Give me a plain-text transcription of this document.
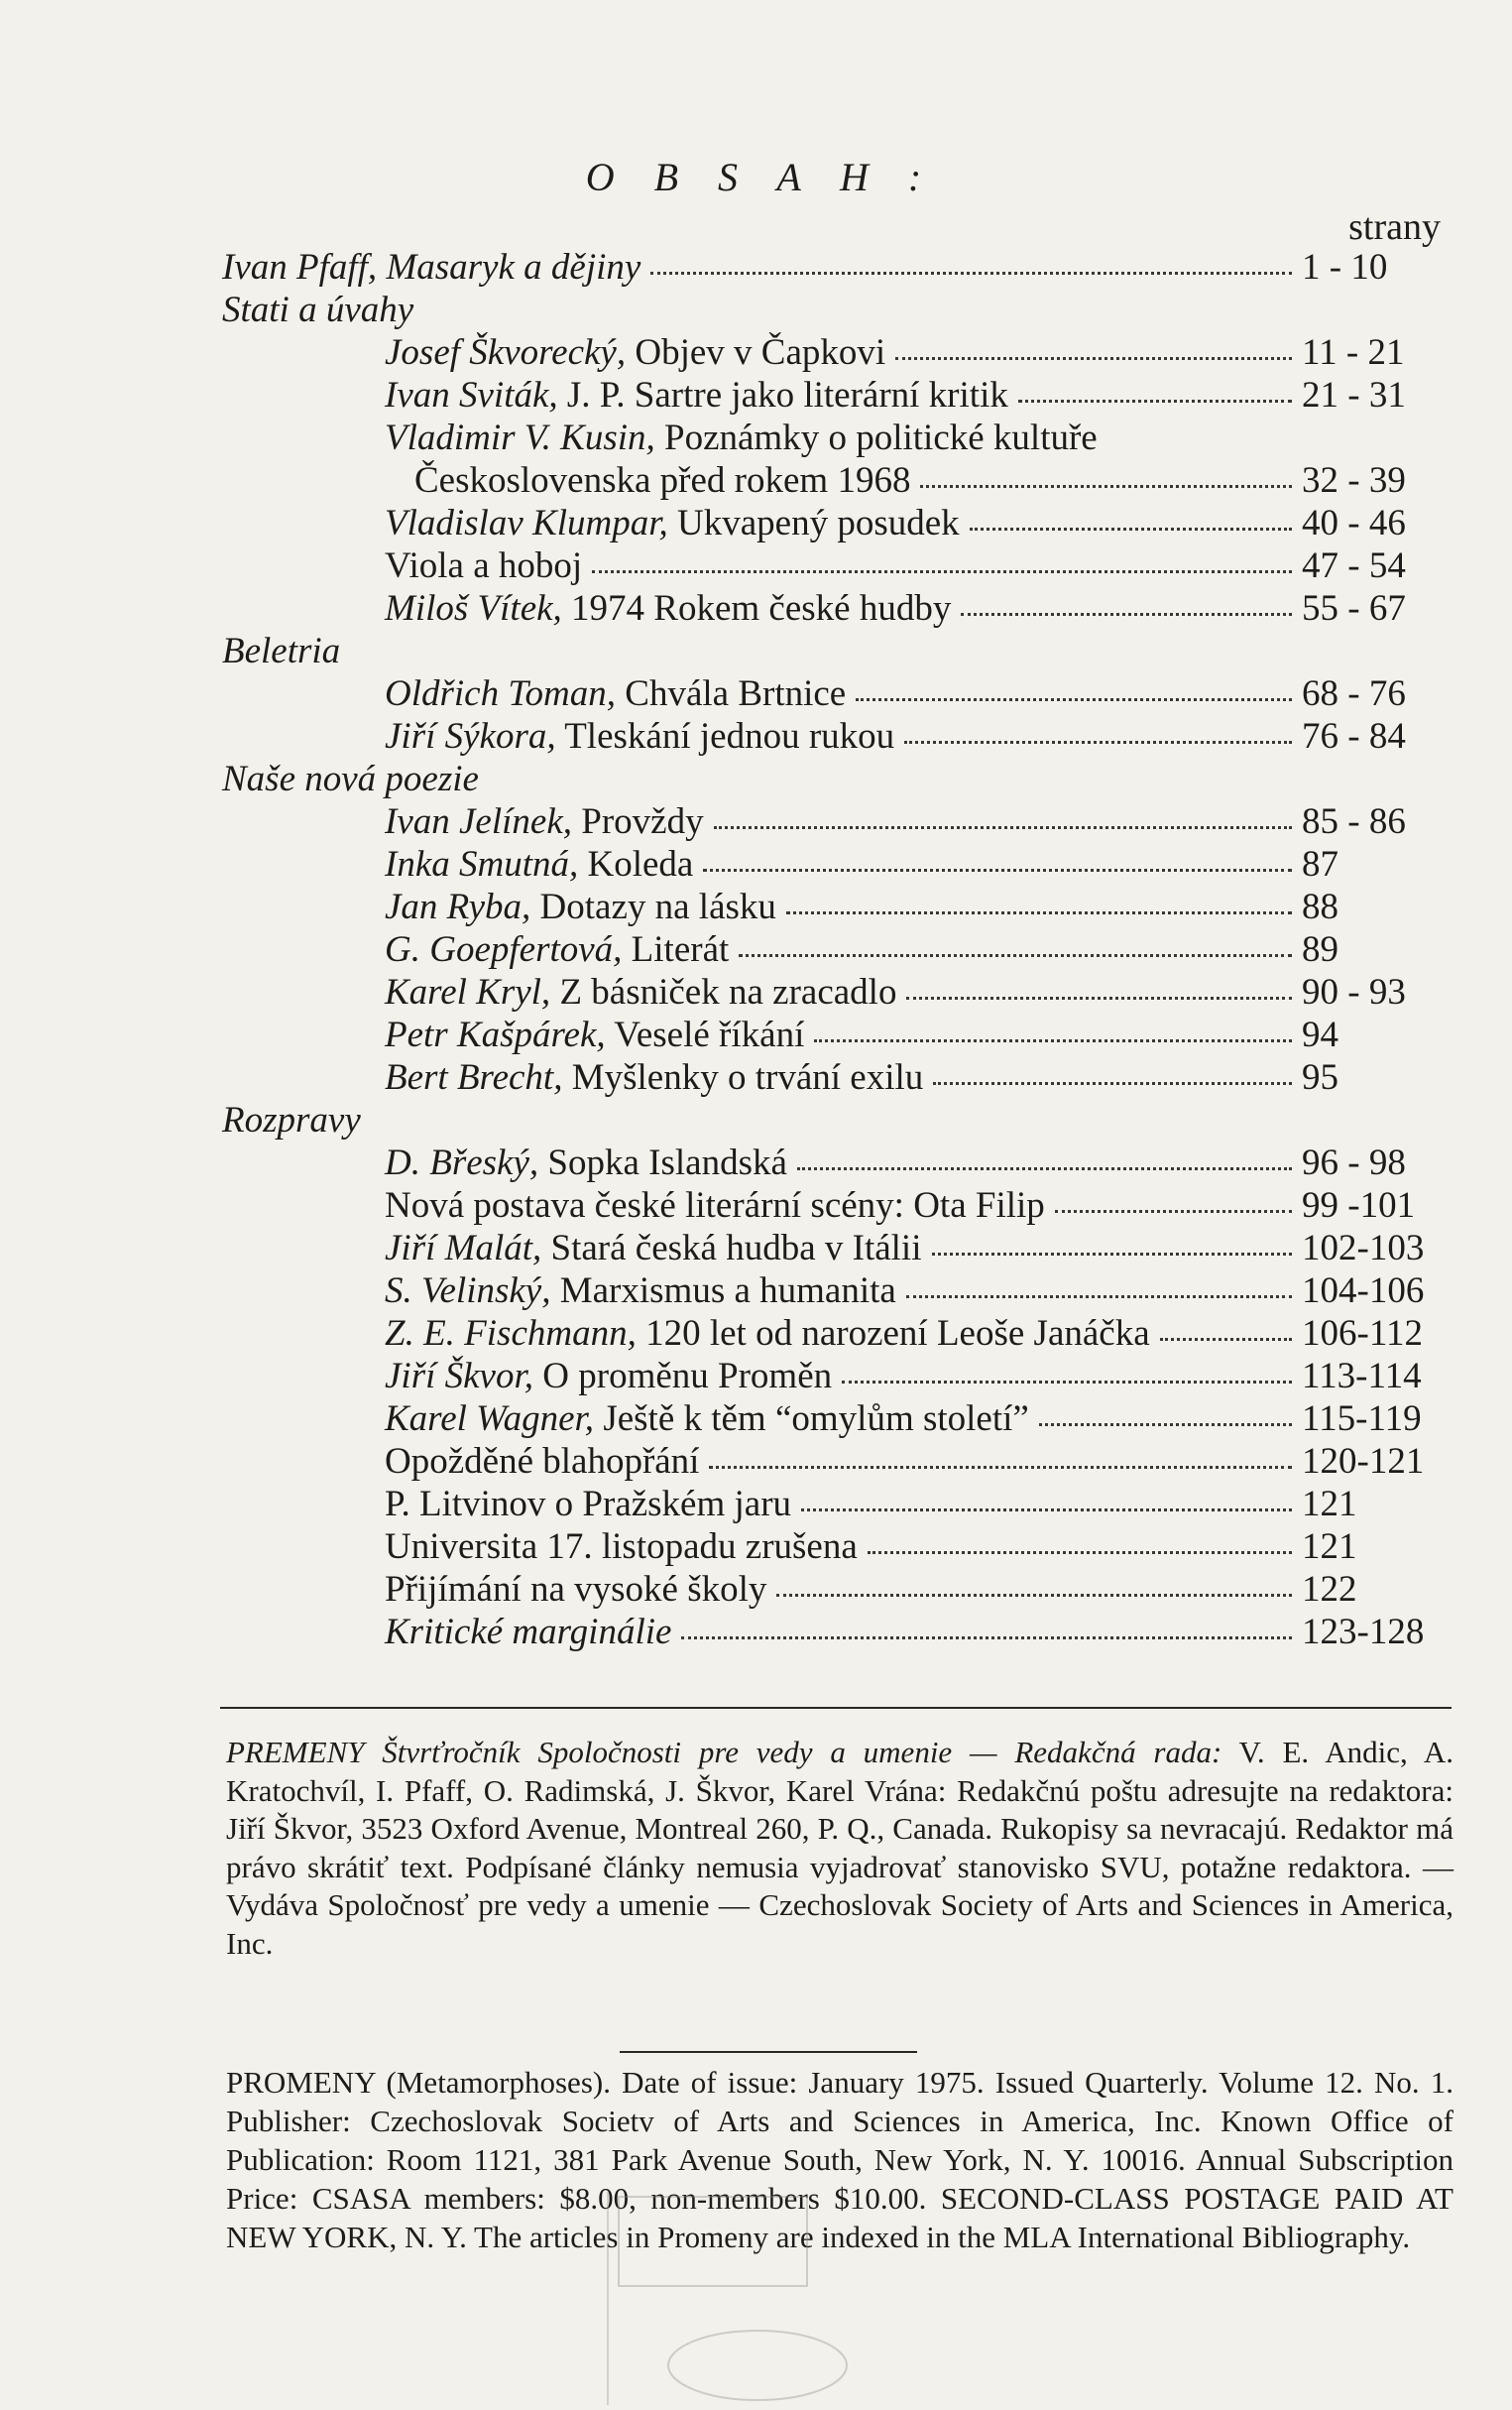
O B S A H :
strany
Ivan Pfaff, Masaryk a dějiny	1 - 10
Stati a úvahy
Josef Škvorecký, Objev v Čapkovi	11 - 21
Ivan Sviták, J. P. Sartre jako literární kritik	21 - 31
Vladimir V. Kusin, Poznámky o politické kultuře
Československa před rokem 1968	32 - 39
Vladislav Klumpar, Ukvapený posudek	40 - 46
Viola a hoboj	47 - 54
Miloš Vítek, 1974 Rokem české hudby	55 - 67
Beletria
Oldřich Toman, Chvála Brtnice	68 - 76
Jiří Sýkora, Tleskání jednou rukou	76 - 84
Naše nová poezie
Ivan Jelínek, Provždy	85 - 86
Inka Smutná, Koleda	87
Jan Ryba, Dotazy na lásku	88
G. Goepfertová, Literát	89
Karel Kryl, Z básniček na zracadlo	90 - 93
Petr Kašpárek, Veselé říkání	94
Bert Brecht, Myšlenky o trvání exilu	95
Rozpravy
D. Břeský, Sopka Islandská	96 - 98
Nová postava české literární scény: Ota Filip	99 -101
Jiří Malát, Stará česká hudba v Itálii	102-103
S. Velinský, Marxismus a humanita	104-106
Z. E. Fischmann, 120 let od narození Leoše Janáčka	106-112
Jiří Škvor, O proměnu Proměn	113-114
Karel Wagner, Ještě k těm “omylům století”	115-119
Opožděné blahopřání	120-121
P. Litvinov o Pražském jaru	121
Universita 17. listopadu zrušena	121
Přijímání na vysoké školy	122
Kritické marginálie	123-128
PREMENY Štvrťročník Spoločnosti pre vedy a umenie — Redakčná rada: V. E. Andic, A. Kratochvíl, I. Pfaff, O. Radimská, J. Škvor, Karel Vrána: Redakčnú poštu adresujte na redaktora: Jiří Škvor, 3523 Oxford Avenue, Montreal 260, P. Q., Canada. Rukopisy sa nevracajú. Redaktor má právo skrátiť text. Podpísané články nemusia vyjadrovať stanovisko SVU, potažne redaktora. — Vydáva Spoločnosť pre vedy a umenie — Czechoslovak Society of Arts and Sciences in America, Inc.
PROMENY (Metamorphoses). Date of issue: January 1975. Issued Quarterly. Volume 12. No. 1. Publisher: Czechoslovak Societv of Arts and Sciences in America, Inc. Known Office of Publication: Room 1121, 381 Park Avenue South, New York, N. Y. 10016. Annual Subscription Price: CSASA members: $8.00, non-members $10.00. SECOND-CLASS POSTAGE PAID AT NEW YORK, N. Y. The articles in Promeny are indexed in the MLA International Bibliography.
